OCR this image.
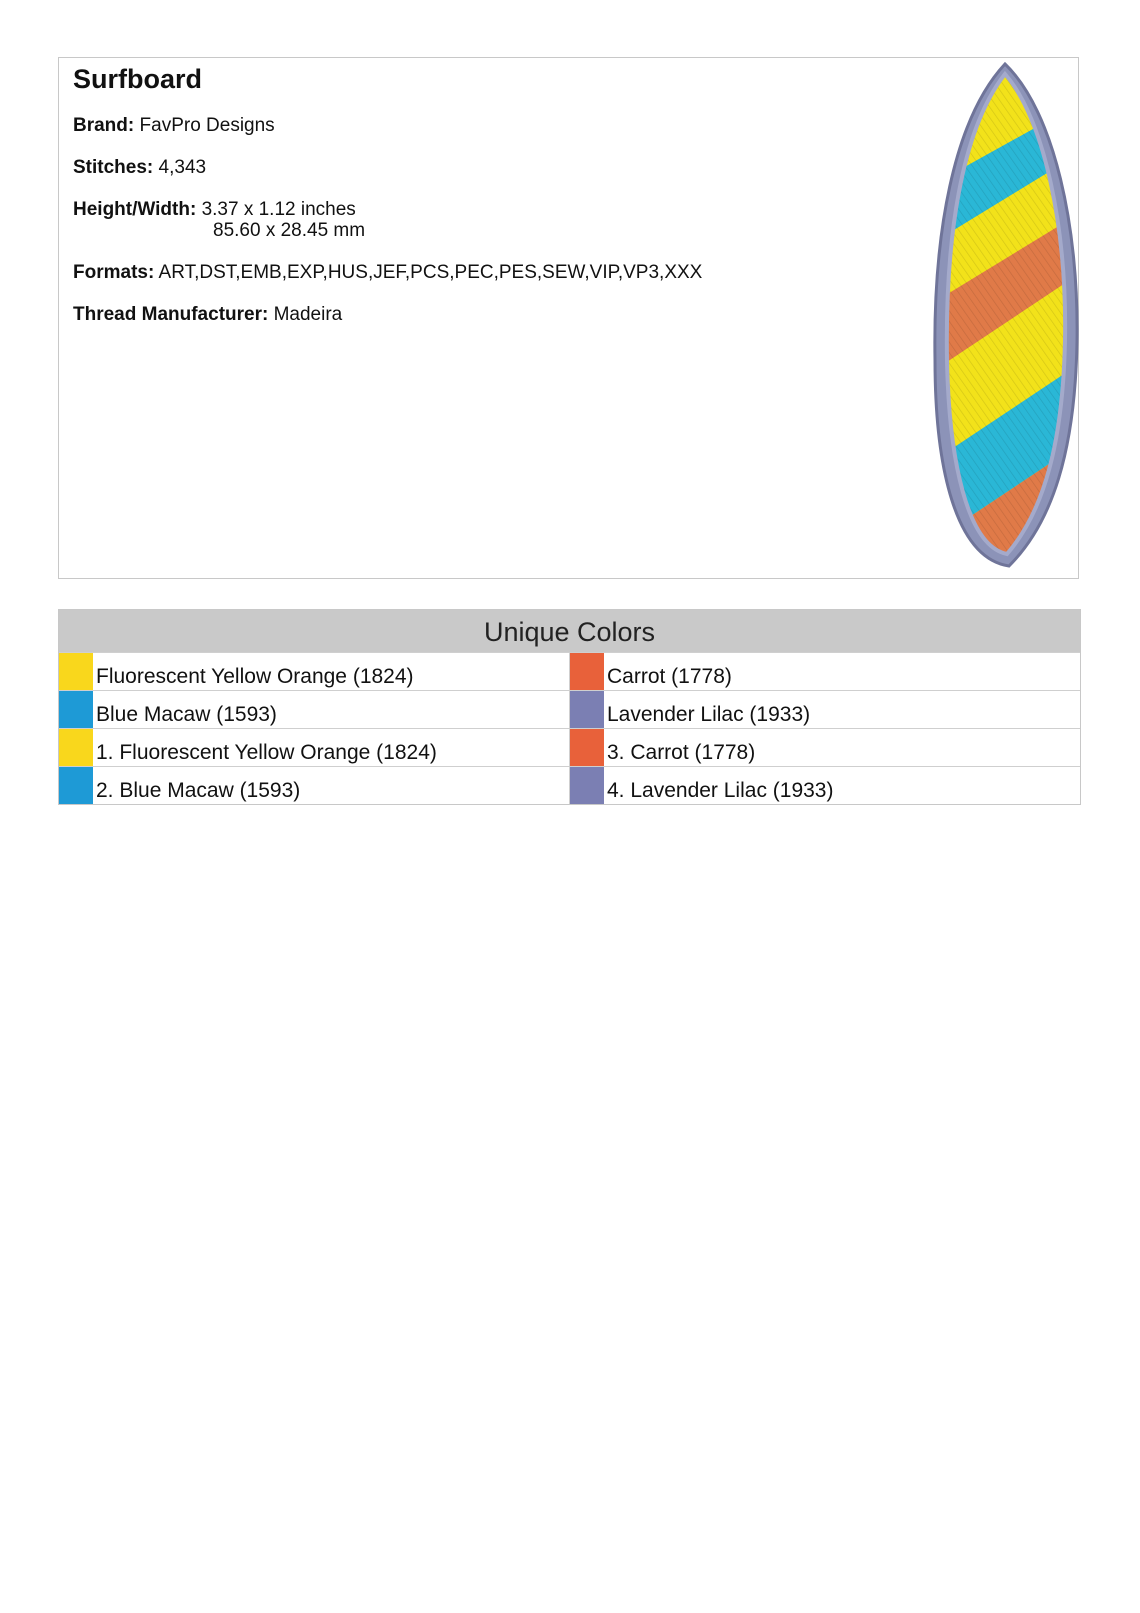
Surfboard
Brand: FavPro Designs
Stitches: 4,343
Height/Width: 3.37 x 1.12 inches
85.60 x 28.45 mm
Formats: ART,DST,EMB,EXP,HUS,JEF,PCS,PEC,PES,SEW,VIP,VP3,XXX
Thread Manufacturer: Madeira
Unique Colors
Fluorescent Yellow Orange (1824)	Carrot (1778)
Blue Macaw (1593)	Lavender Lilac (1933)
1. Fluorescent Yellow Orange (1824)	3. Carrot (1778)
2. Blue Macaw (1593)	4. Lavender Lilac (1933)
